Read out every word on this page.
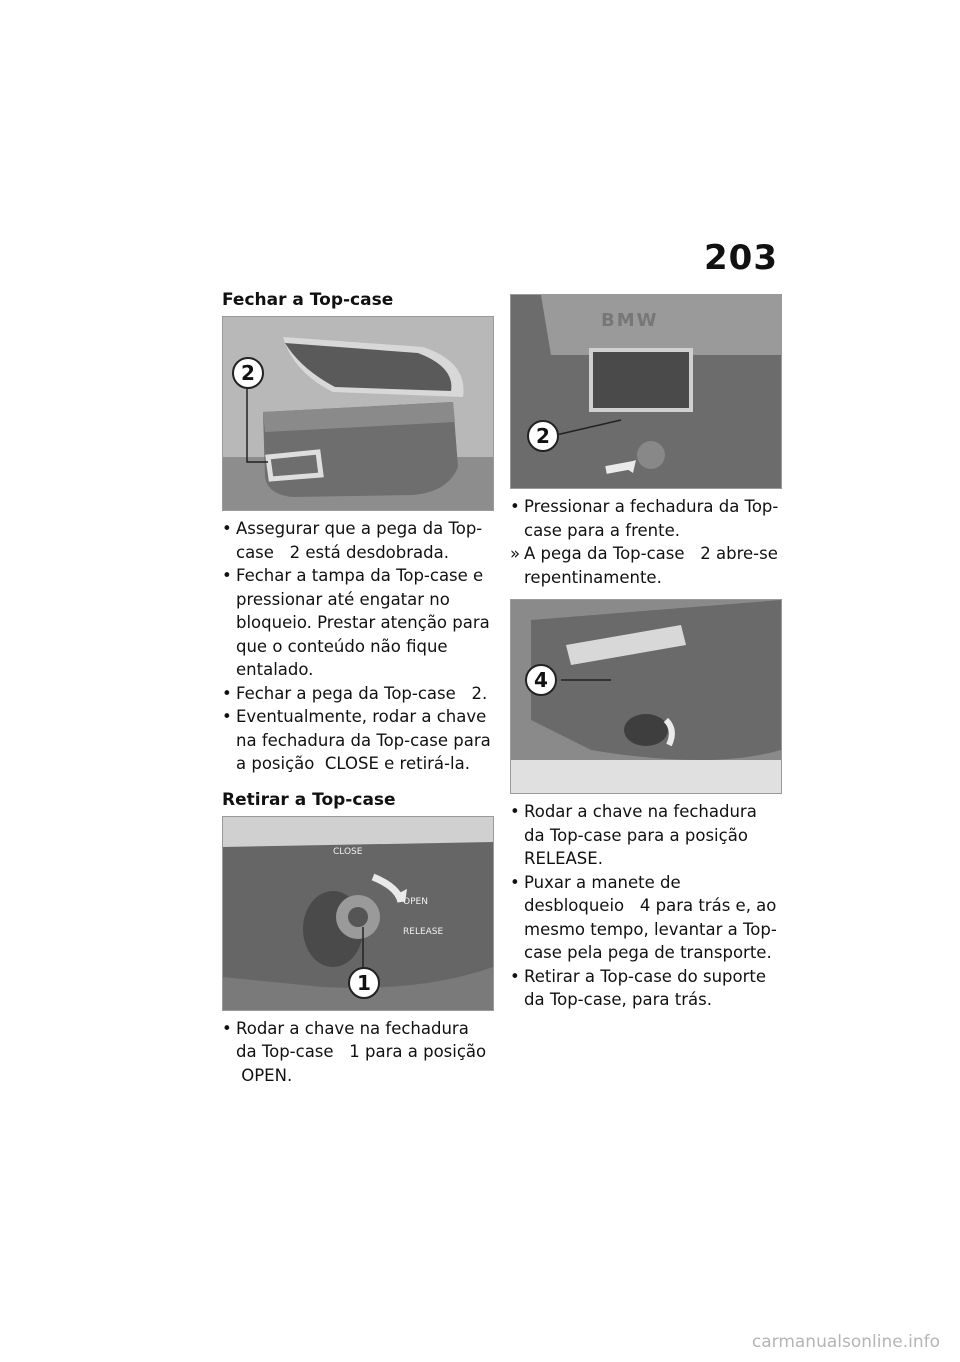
203
Fechar a Top-case
2
• Assegurar que a pega da Top-case   2 está desdobrada.
• Fechar a tampa da Top-case e pressionar até engatar no bloqueio. Prestar atenção para que o conteúdo não fique entalado.
• Fechar a pega da Top-case   2.
• Eventualmente, rodar a chave na fechadura da Top-case para a posição  CLOSE e retirá-la.
Retirar a Top-case
CLOSE
OPEN
RELEASE
1
• Rodar a chave na fechadura da Top-case   1 para a posição  OPEN.
BMW
2
• Pressionar a fechadura da Top-case para a frente.
» A pega da Top-case   2 abre-se repentinamente.
4
• Rodar a chave na fechadura da Top-case para a posição RELEASE.
• Puxar a manete de desbloqueio   4 para trás e, ao mesmo tempo, levantar a Top-case pela pega de transporte.
• Retirar a Top-case do suporte da Top-case, para trás.
carmanualsonline.info
